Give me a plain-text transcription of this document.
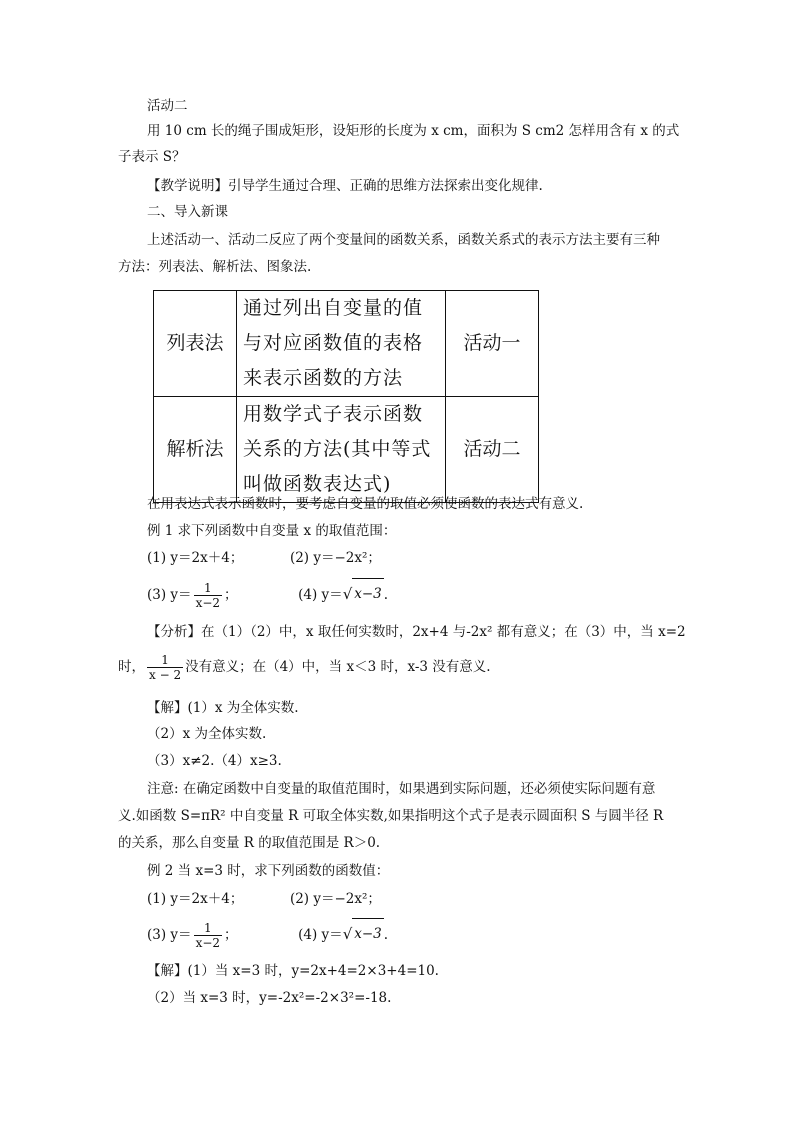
活动二
用 10 cm 长的绳子围成矩形，设矩形的长度为 x cm，面积为 S cm2 怎样用含有 x 的式
子表示 S？
【教学说明】引导学生通过合理、正确的思维方法探索出变化规律.
二、导入新课
上述活动一、活动二反应了两个变量间的函数关系，函数关系式的表示方法主要有三种
方法：列表法、解析法、图象法.
列表法	通过列出自变量的值
与对应函数值的表格
来表示函数的方法	活动一
解析法	用数学式子表示函数
关系的方法(其中等式
叫做函数表达式)	活动二
在用表达式表示函数时，要考虑自变量的取值必须使函数的表达式有意义.
例 1 求下列函数中自变量 x 的取值范围：
(1) y＝2x＋4；	(2) y＝−2x²；
(3) $y= \frac{1}{x-2}$ ；	(4) y＝ √ x−3 .
【分析】在（1）（2）中，x 取任何实数时，2x+4 与-2x² 都有意义；在（3）中，当 x=2
时， $\frac{1}{x - 2}$ 没有意义；在（4）中，当 x＜3 时，x-3 没有意义.
【解】(1）x 为全体实数.
（2）x 为全体实数.
（3）x≠2.（4）x≥3.
注意: 在确定函数中自变量的取值范围时，如果遇到实际问题，还必须使实际问题有意
义.如函数 S=πR² 中自变量 R 可取全体实数,如果指明这个式子是表示圆面积 S 与圆半径 R
的关系，那么自变量 R 的取值范围是 R＞0.
例 2 当 x=3 时，求下列函数的函数值：
(1) y＝2x＋4；	(2) y＝−2x²；
(3) $y= \frac{1}{x-2}$ ；	(4) y＝ √ x−3 .
【解】(1）当 x=3 时，y=2x+4=2×3+4=10.
（2）当 x=3 时，y=-2x²=-2×3²=-18.
